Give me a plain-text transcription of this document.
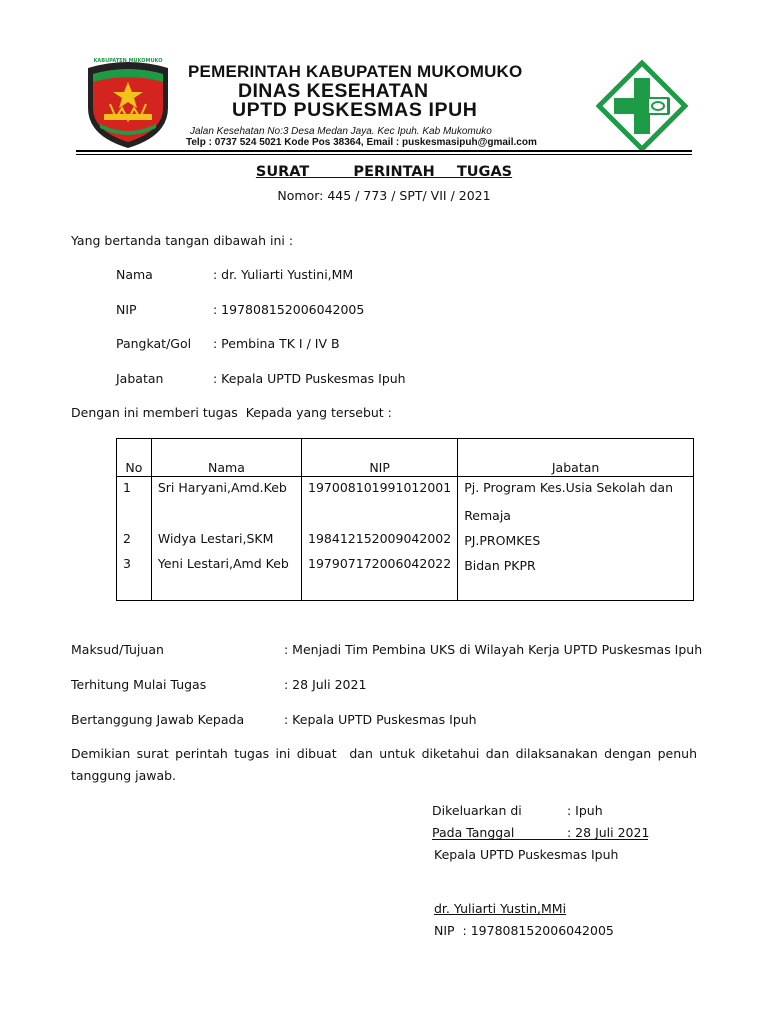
KABUPATEN MUKOMUKO
PEMERINTAH KABUPATEN MUKOMUKO
DINAS KESEHATAN
UPTD PUSKESMAS IPUH
Jalan Kesehatan No:3 Desa Medan Jaya. Kec Ipuh. Kab Mukomuko
Telp : 0737 524 5021 Kode Pos 38364, Email : puskesmasipuh@gmail.com
SURAT    PERINTAH  TUGAS
Nomor: 445 / 773 / SPT/ VII / 2021
Yang bertanda tangan dibawah ini :
Nama	: dr. Yuliarti Yustini,MM
NIP	: 197808152006042005
Pangkat/Gol : Pembina TK I / IV B
Jabatan	: Kepala UPTD Puskesmas Ipuh
Dengan ini memberi tugas  Kepada yang tersebut :
No	Nama	NIP	Jabatan
1	Sri Haryani,Amd.Keb	197008101991012001	Pj. Program Kes.Usia Sekolah dan
Remaja

2	Widya Lestari,SKM	198412152009042002	PJ.PROMKES
3	Yeni Lestari,Amd Keb	197907172006042022	Bidan PKPR
Maksud/Tujuan	: Menjadi Tim Pembina UKS di Wilayah Kerja UPTD Puskesmas Ipuh
Terhitung Mulai Tugas	: 28 Juli 2021
Bertanggung Jawab Kepada	: Kepala UPTD Puskesmas Ipuh
Demikian surat perintah tugas ini dibuat  dan untuk diketahui dan dilaksanakan dengan penuh tanggung jawab.
Dikeluarkan di	: Ipuh
Pada Tanggal	: 28 Juli 2021
Kepala UPTD Puskesmas Ipuh
dr. Yuliarti Yustin,MMi
NIP  : 197808152006042005
